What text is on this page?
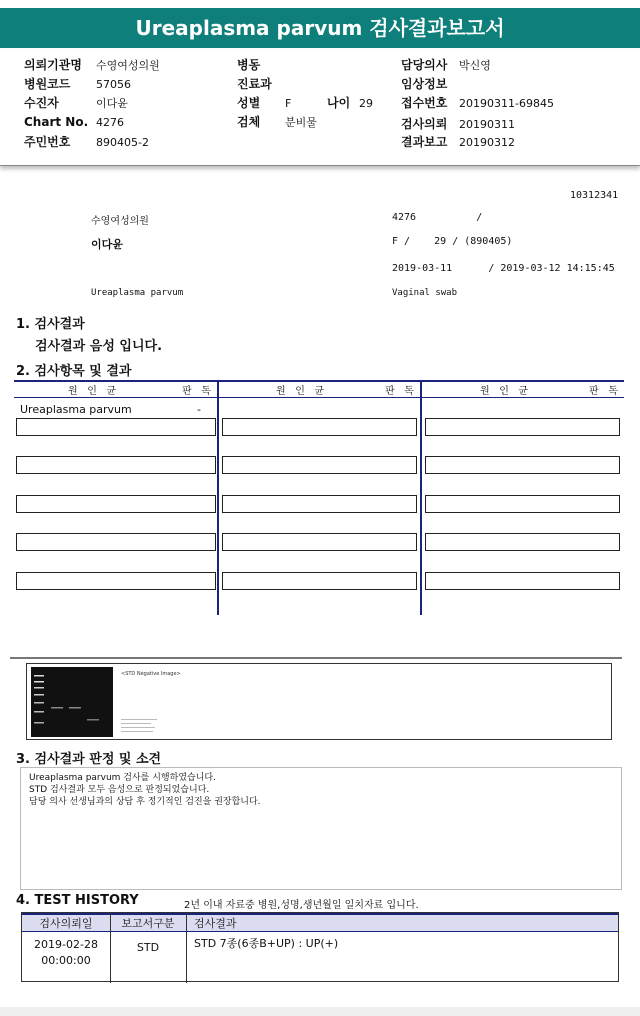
Ureaplasma parvum 검사결과보고서
의뢰기관명 수영여성의원
병원코드 57056
수진자	이다윤
Chart No. 4276
주민번호 890405-2
병동
진료과
성별 F	나이 29
검체 분비물
담당의사 박신영
임상정보
접수번호 20190311-69845
검사의뢰 20190311
결과보고 20190312
10312341
수영여성의원	4276          /
이다윤	F /    29 / (890405)
2019-03-11      / 2019-03-12 14:15:45
Ureaplasma parvum	Vaginal swab
1. 검사결과
검사결과 음성 입니다.
2. 검사항목 및 결과
원   인   균	판   독	원   인   균	판   독	원   인   균	판   독
Ureaplasma parvum	-
<STD Negative Image>
3. 검사결과 판정 및 소견
Ureaplasma parvum 검사를 시행하였습니다.
STD 검사결과 모두 음성으로 판정되었습니다.
담당 의사 선생님과의 상담 후 정기적인 검진을 권장합니다.
4. TEST HISTORY	2년 이내 자료중 병원,성명,생년월일 일치자료 입니다.
검사의뢰일	보고서구분	검사결과
2019-02-28
00:00:00
STD	STD 7종(6종B+UP) : UP(+)
